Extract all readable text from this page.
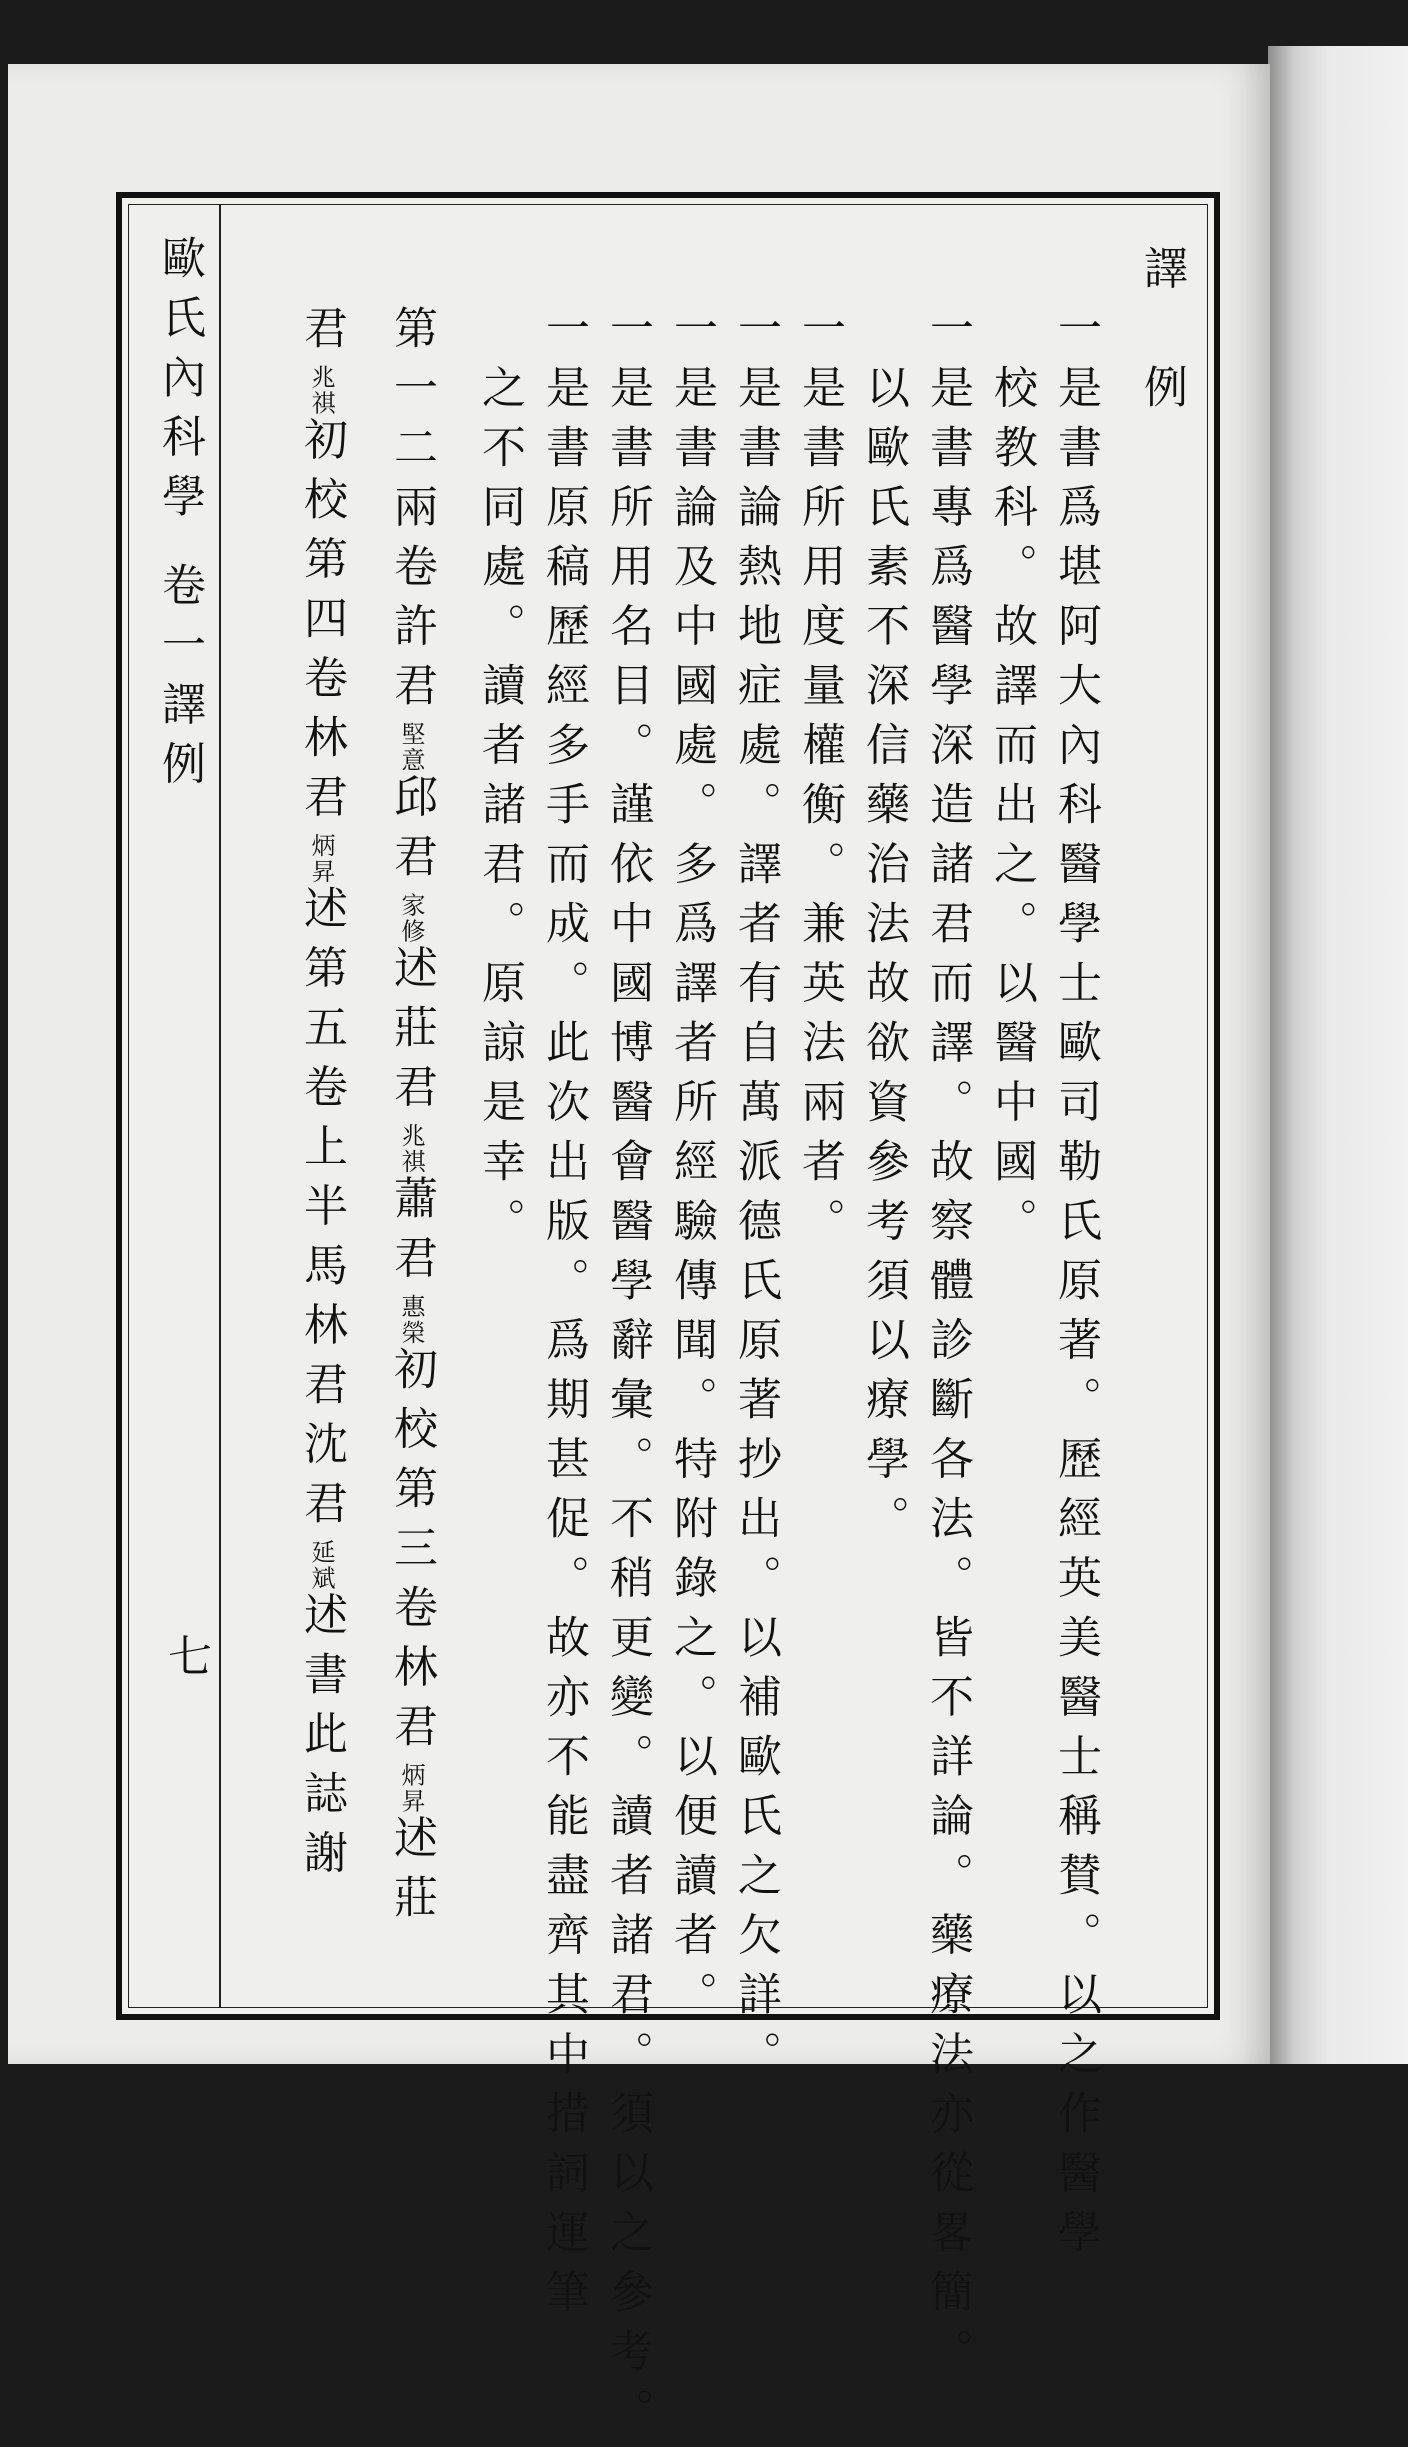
譯　例
一是書爲堪阿大內科醫學士歐司勒氏原著。歷經英美醫士稱賛。以之作醫學
　校教科。故譯而出之。以醫中國。
一是書專爲醫學深造諸君而譯。故察體診斷各法。皆不詳論。藥療法亦從畧簡。
　以歐氏素不深信藥治法故欲資參考須以療學。
一是書所用度量權衡。兼英法兩者。
一是書論熱地症處。譯者有自萬派德氏原著抄出。以補歐氏之欠詳。
一是書論及中國處。多爲譯者所經驗傳聞。特附錄之。以便讀者。
一是書所用名目。謹依中國博醫會醫學辭彙。不稍更變。讀者諸君。須以之參考。
一是書原稿歷經多手而成。此次出版。爲期甚促。故亦不能盡齊其中措詞運筆
　之不同處。讀者諸君。原諒是幸。
第一二兩卷許君堅意邱君家修述莊君兆祺蕭君惠榮初校第三卷林君炳昇述莊
君兆祺初校第四卷林君炳昇述第五卷上半馬林君沈君延斌述書此誌謝
歐氏內科學 卷一譯例
七
